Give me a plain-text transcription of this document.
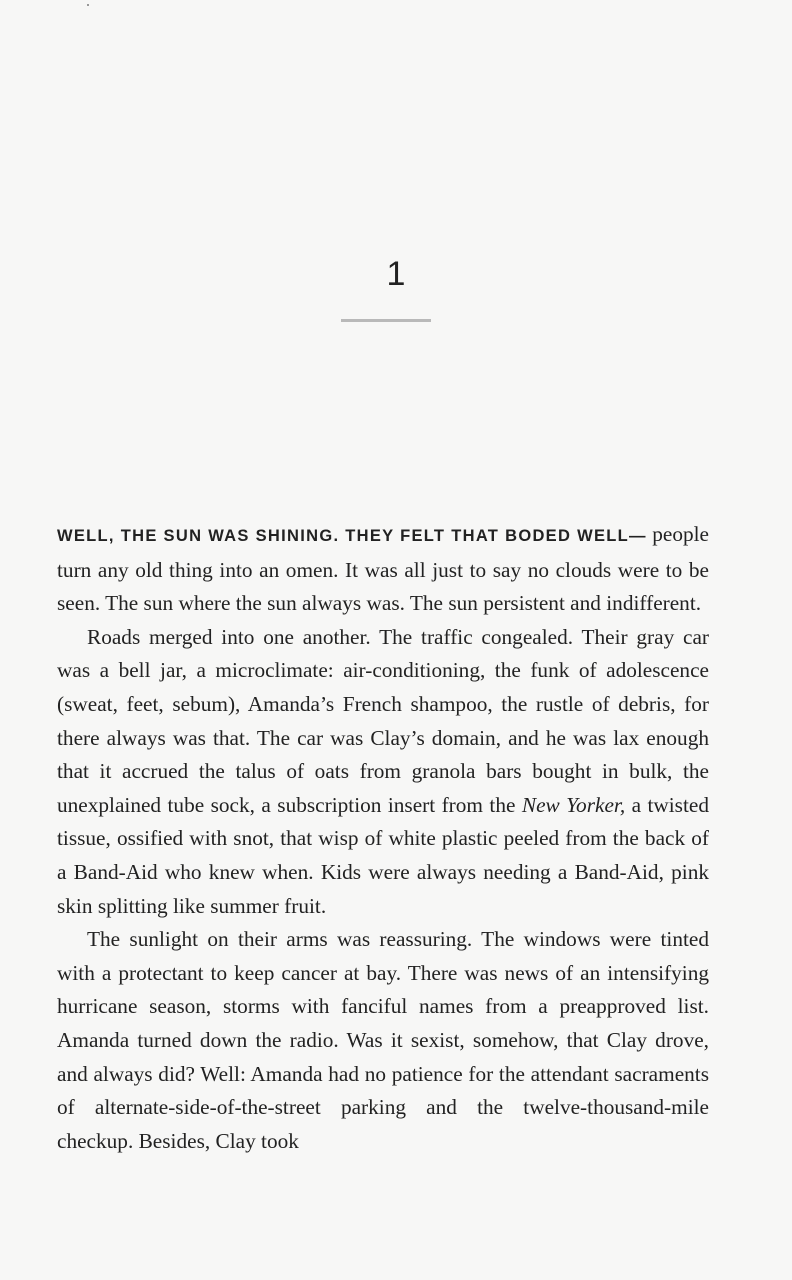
1

WELL, THE SUN WAS SHINING. THEY FELT THAT BODED WELL— people turn any old thing into an omen. It was all just to say no clouds were to be seen. The sun where the sun always was. The sun persistent and indifferent.

Roads merged into one another. The traffic congealed. Their gray car was a bell jar, a microclimate: air-conditioning, the funk of adolescence (sweat, feet, sebum), Amanda’s French shampoo, the rustle of debris, for there always was that. The car was Clay’s domain, and he was lax enough that it accrued the talus of oats from granola bars bought in bulk, the unexplained tube sock, a subscription insert from the New Yorker, a twisted tissue, ossified with snot, that wisp of white plastic peeled from the back of a Band-Aid who knew when. Kids were always needing a Band-Aid, pink skin splitting like summer fruit.

The sunlight on their arms was reassuring. The windows were tinted with a protectant to keep cancer at bay. There was news of an intensifying hurricane season, storms with fanciful names from a preapproved list. Amanda turned down the radio. Was it sexist, somehow, that Clay drove, and always did? Well: Amanda had no patience for the attendant sacraments of alternate-side-of-the-street parking and the twelve-thousand-mile checkup. Besides, Clay took
